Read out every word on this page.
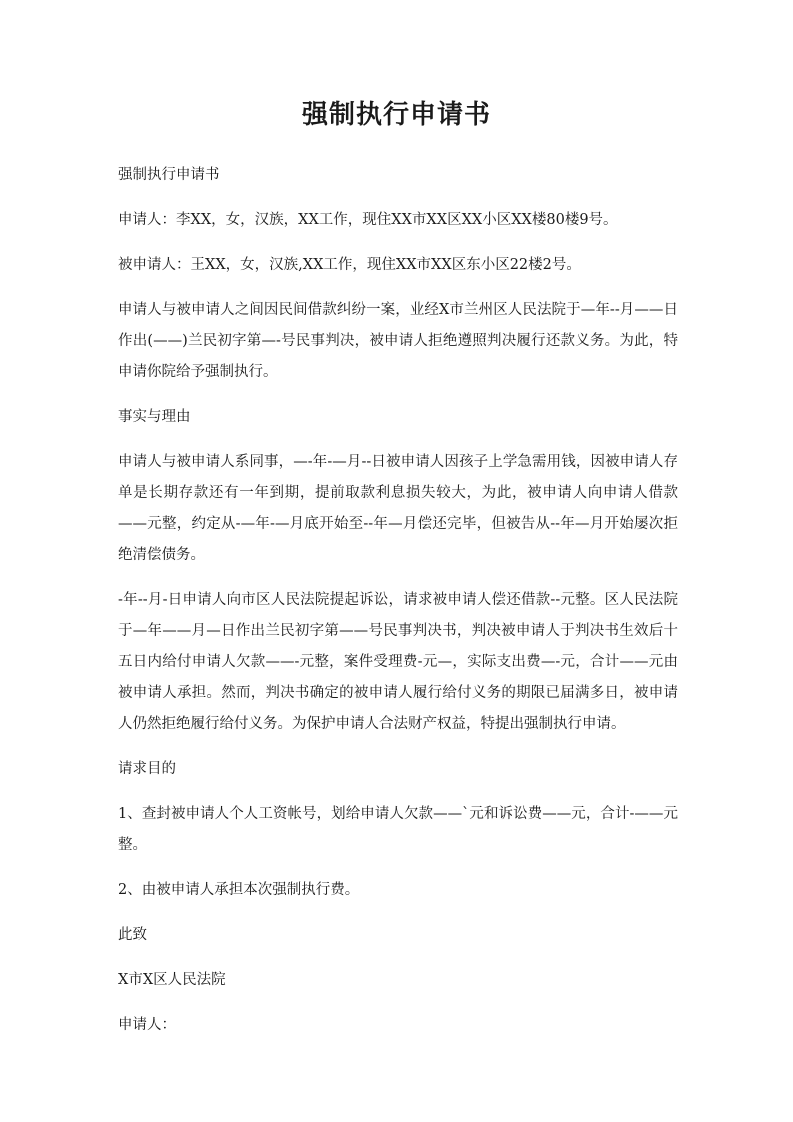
强制执行申请书

强制执行申请书

申请人：李XX，女，汉族，XX工作，现住XX市XX区XX小区XX楼80楼9号。

被申请人：王XX，女，汉族,XX工作，现住XX市XX区东小区22楼2号。

申请人与被申请人之间因民间借款纠纷一案，业经X市兰州区人民法院于—年--月——日作出(——)兰民初字第—-号民事判决，被申请人拒绝遵照判决履行还款义务。为此，特申请你院给予强制执行。

事实与理由

申请人与被申请人系同事，—-年-—月--日被申请人因孩子上学急需用钱，因被申请人存单是长期存款还有一年到期，提前取款利息损失较大，为此，被申请人向申请人借款——元整，约定从-—年-—月底开始至--年—月偿还完毕，但被告从--年—月开始屡次拒绝清偿债务。

-年--月-日申请人向市区人民法院提起诉讼，请求被申请人偿还借款--元整。区人民法院于—年——月—日作出兰民初字第——号民事判决书，判决被申请人于判决书生效后十五日内给付申请人欠款——-元整，案件受理费-元—，实际支出费—-元，合计——元由被申请人承担。然而，判决书确定的被申请人履行给付义务的期限已届满多日，被申请人仍然拒绝履行给付义务。为保护申请人合法财产权益，特提出强制执行申请。

请求目的

1、查封被申请人个人工资帐号，划给申请人欠款——`元和诉讼费——元，合计-——元整。

2、由被申请人承担本次强制执行费。

此致

X市X区人民法院

申请人：
